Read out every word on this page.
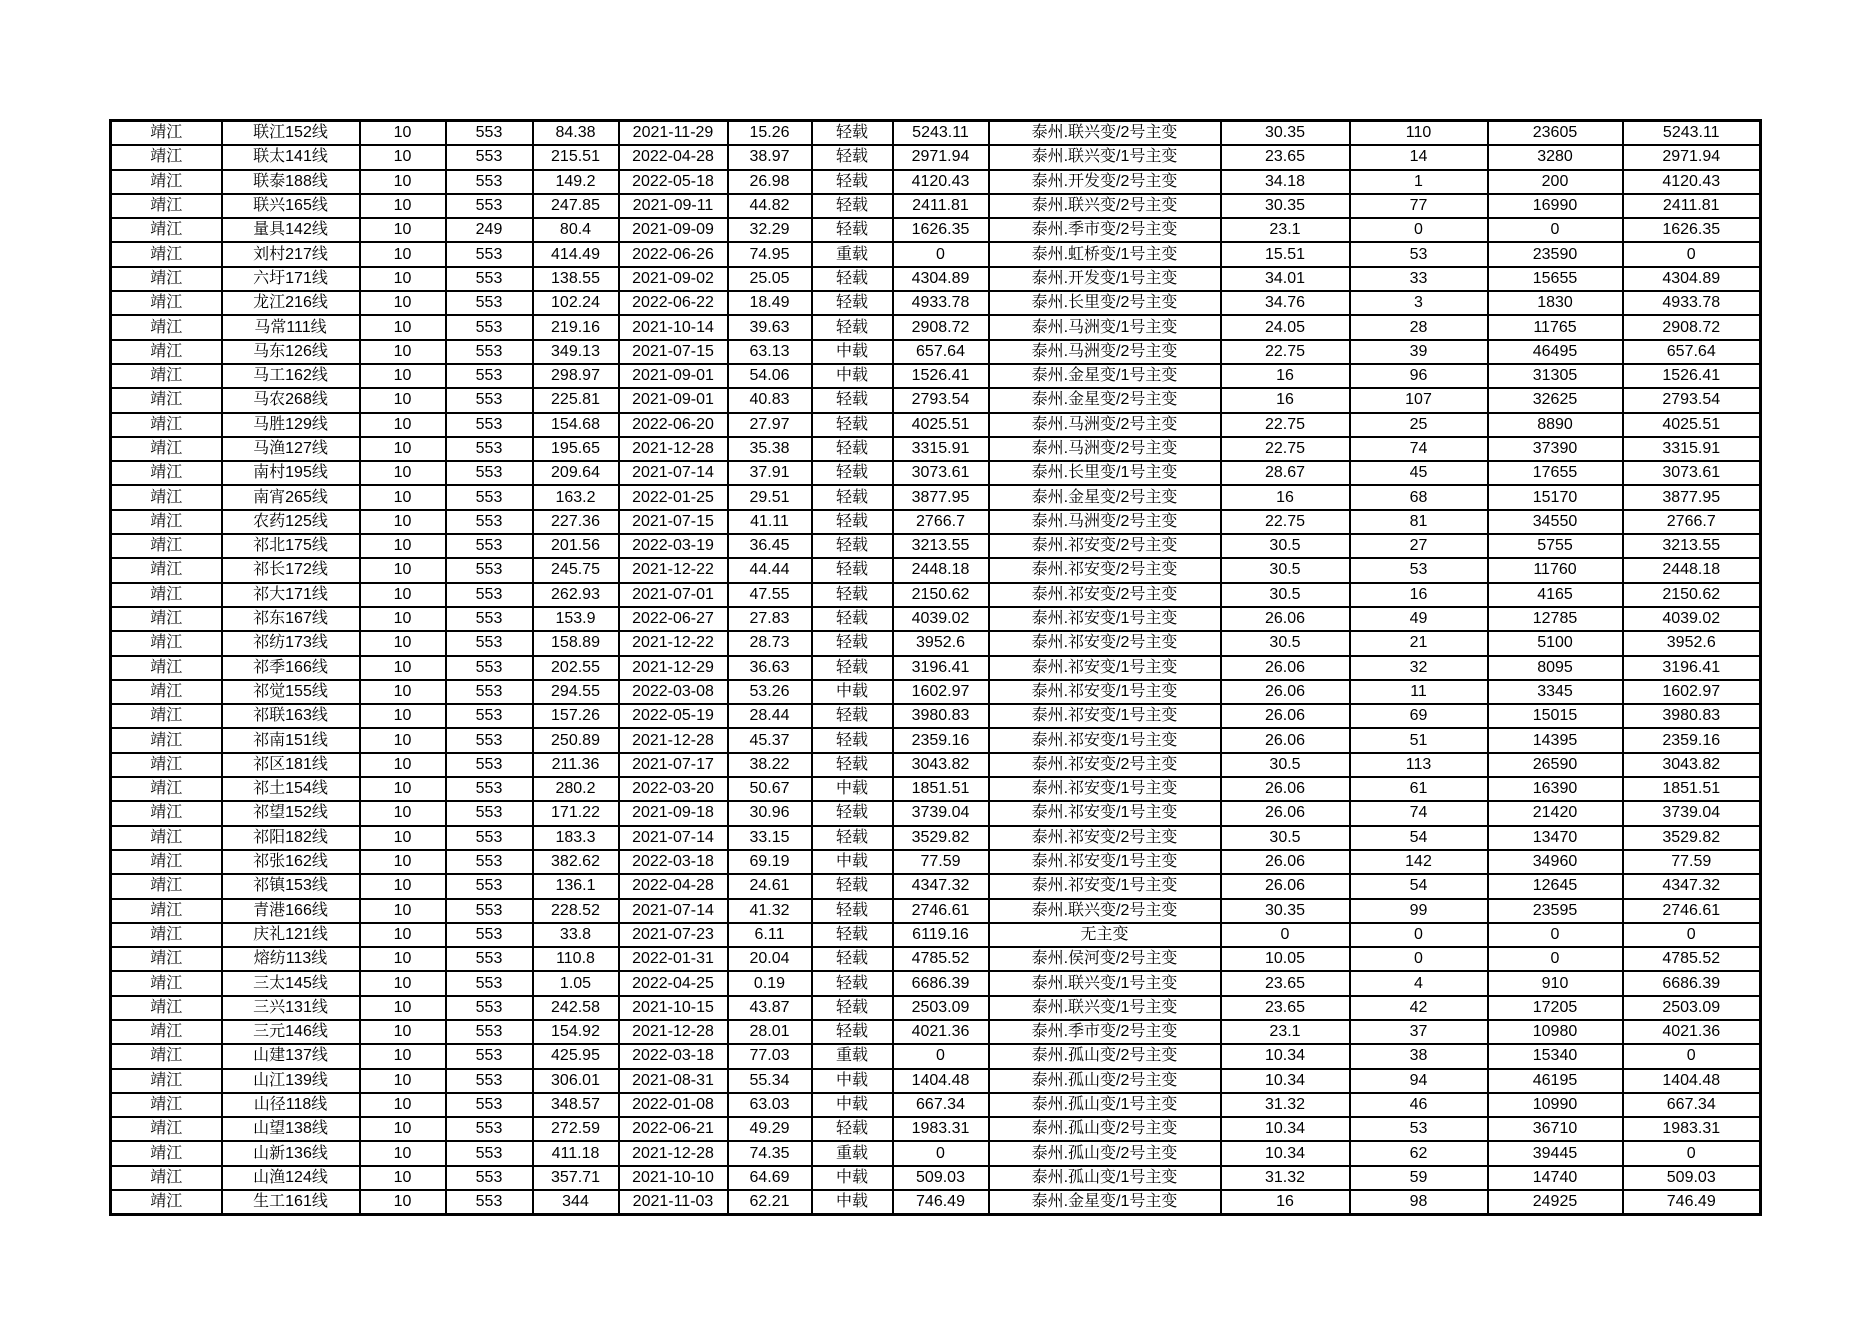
靖江	联江152线	10	553	84.38	2021-11-29	15.26	轻载	5243.11	泰州.联兴变/2号主变	30.35	110	23605	5243.11
靖江	联太141线	10	553	215.51	2022-04-28	38.97	轻载	2971.94	泰州.联兴变/1号主变	23.65	14	3280	2971.94
靖江	联泰188线	10	553	149.2	2022-05-18	26.98	轻载	4120.43	泰州.开发变/2号主变	34.18	1	200	4120.43
靖江	联兴165线	10	553	247.85	2021-09-11	44.82	轻载	2411.81	泰州.联兴变/2号主变	30.35	77	16990	2411.81
靖江	量具142线	10	249	80.4	2021-09-09	32.29	轻载	1626.35	泰州.季市变/2号主变	23.1	0	0	1626.35
靖江	刘村217线	10	553	414.49	2022-06-26	74.95	重载	0	泰州.虹桥变/1号主变	15.51	53	23590	0
靖江	六圩171线	10	553	138.55	2021-09-02	25.05	轻载	4304.89	泰州.开发变/1号主变	34.01	33	15655	4304.89
靖江	龙江216线	10	553	102.24	2022-06-22	18.49	轻载	4933.78	泰州.长里变/2号主变	34.76	3	1830	4933.78
靖江	马常111线	10	553	219.16	2021-10-14	39.63	轻载	2908.72	泰州.马洲变/1号主变	24.05	28	11765	2908.72
靖江	马东126线	10	553	349.13	2021-07-15	63.13	中载	657.64	泰州.马洲变/2号主变	22.75	39	46495	657.64
靖江	马工162线	10	553	298.97	2021-09-01	54.06	中载	1526.41	泰州.金星变/1号主变	16	96	31305	1526.41
靖江	马农268线	10	553	225.81	2021-09-01	40.83	轻载	2793.54	泰州.金星变/2号主变	16	107	32625	2793.54
靖江	马胜129线	10	553	154.68	2022-06-20	27.97	轻载	4025.51	泰州.马洲变/2号主变	22.75	25	8890	4025.51
靖江	马渔127线	10	553	195.65	2021-12-28	35.38	轻载	3315.91	泰州.马洲变/2号主变	22.75	74	37390	3315.91
靖江	南村195线	10	553	209.64	2021-07-14	37.91	轻载	3073.61	泰州.长里变/1号主变	28.67	45	17655	3073.61
靖江	南宵265线	10	553	163.2	2022-01-25	29.51	轻载	3877.95	泰州.金星变/2号主变	16	68	15170	3877.95
靖江	农药125线	10	553	227.36	2021-07-15	41.11	轻载	2766.7	泰州.马洲变/2号主变	22.75	81	34550	2766.7
靖江	祁北175线	10	553	201.56	2022-03-19	36.45	轻载	3213.55	泰州.祁安变/2号主变	30.5	27	5755	3213.55
靖江	祁长172线	10	553	245.75	2021-12-22	44.44	轻载	2448.18	泰州.祁安变/2号主变	30.5	53	11760	2448.18
靖江	祁大171线	10	553	262.93	2021-07-01	47.55	轻载	2150.62	泰州.祁安变/2号主变	30.5	16	4165	2150.62
靖江	祁东167线	10	553	153.9	2022-06-27	27.83	轻载	4039.02	泰州.祁安变/1号主变	26.06	49	12785	4039.02
靖江	祁纺173线	10	553	158.89	2021-12-22	28.73	轻载	3952.6	泰州.祁安变/2号主变	30.5	21	5100	3952.6
靖江	祁季166线	10	553	202.55	2021-12-29	36.63	轻载	3196.41	泰州.祁安变/1号主变	26.06	32	8095	3196.41
靖江	祁觉155线	10	553	294.55	2022-03-08	53.26	中载	1602.97	泰州.祁安变/1号主变	26.06	11	3345	1602.97
靖江	祁联163线	10	553	157.26	2022-05-19	28.44	轻载	3980.83	泰州.祁安变/1号主变	26.06	69	15015	3980.83
靖江	祁南151线	10	553	250.89	2021-12-28	45.37	轻载	2359.16	泰州.祁安变/1号主变	26.06	51	14395	2359.16
靖江	祁区181线	10	553	211.36	2021-07-17	38.22	轻载	3043.82	泰州.祁安变/2号主变	30.5	113	26590	3043.82
靖江	祁土154线	10	553	280.2	2022-03-20	50.67	中载	1851.51	泰州.祁安变/1号主变	26.06	61	16390	1851.51
靖江	祁望152线	10	553	171.22	2021-09-18	30.96	轻载	3739.04	泰州.祁安变/1号主变	26.06	74	21420	3739.04
靖江	祁阳182线	10	553	183.3	2021-07-14	33.15	轻载	3529.82	泰州.祁安变/2号主变	30.5	54	13470	3529.82
靖江	祁张162线	10	553	382.62	2022-03-18	69.19	中载	77.59	泰州.祁安变/1号主变	26.06	142	34960	77.59
靖江	祁镇153线	10	553	136.1	2022-04-28	24.61	轻载	4347.32	泰州.祁安变/1号主变	26.06	54	12645	4347.32
靖江	青港166线	10	553	228.52	2021-07-14	41.32	轻载	2746.61	泰州.联兴变/2号主变	30.35	99	23595	2746.61
靖江	庆礼121线	10	553	33.8	2021-07-23	6.11	轻载	6119.16	无主变	0	0	0	0
靖江	熔纺113线	10	553	110.8	2022-01-31	20.04	轻载	4785.52	泰州.侯河变/2号主变	10.05	0	0	4785.52
靖江	三太145线	10	553	1.05	2022-04-25	0.19	轻载	6686.39	泰州.联兴变/1号主变	23.65	4	910	6686.39
靖江	三兴131线	10	553	242.58	2021-10-15	43.87	轻载	2503.09	泰州.联兴变/1号主变	23.65	42	17205	2503.09
靖江	三元146线	10	553	154.92	2021-12-28	28.01	轻载	4021.36	泰州.季市变/2号主变	23.1	37	10980	4021.36
靖江	山建137线	10	553	425.95	2022-03-18	77.03	重载	0	泰州.孤山变/2号主变	10.34	38	15340	0
靖江	山江139线	10	553	306.01	2021-08-31	55.34	中载	1404.48	泰州.孤山变/2号主变	10.34	94	46195	1404.48
靖江	山径118线	10	553	348.57	2022-01-08	63.03	中载	667.34	泰州.孤山变/1号主变	31.32	46	10990	667.34
靖江	山望138线	10	553	272.59	2022-06-21	49.29	轻载	1983.31	泰州.孤山变/2号主变	10.34	53	36710	1983.31
靖江	山新136线	10	553	411.18	2021-12-28	74.35	重载	0	泰州.孤山变/2号主变	10.34	62	39445	0
靖江	山渔124线	10	553	357.71	2021-10-10	64.69	中载	509.03	泰州.孤山变/1号主变	31.32	59	14740	509.03
靖江	生工161线	10	553	344	2021-11-03	62.21	中载	746.49	泰州.金星变/1号主变	16	98	24925	746.49
